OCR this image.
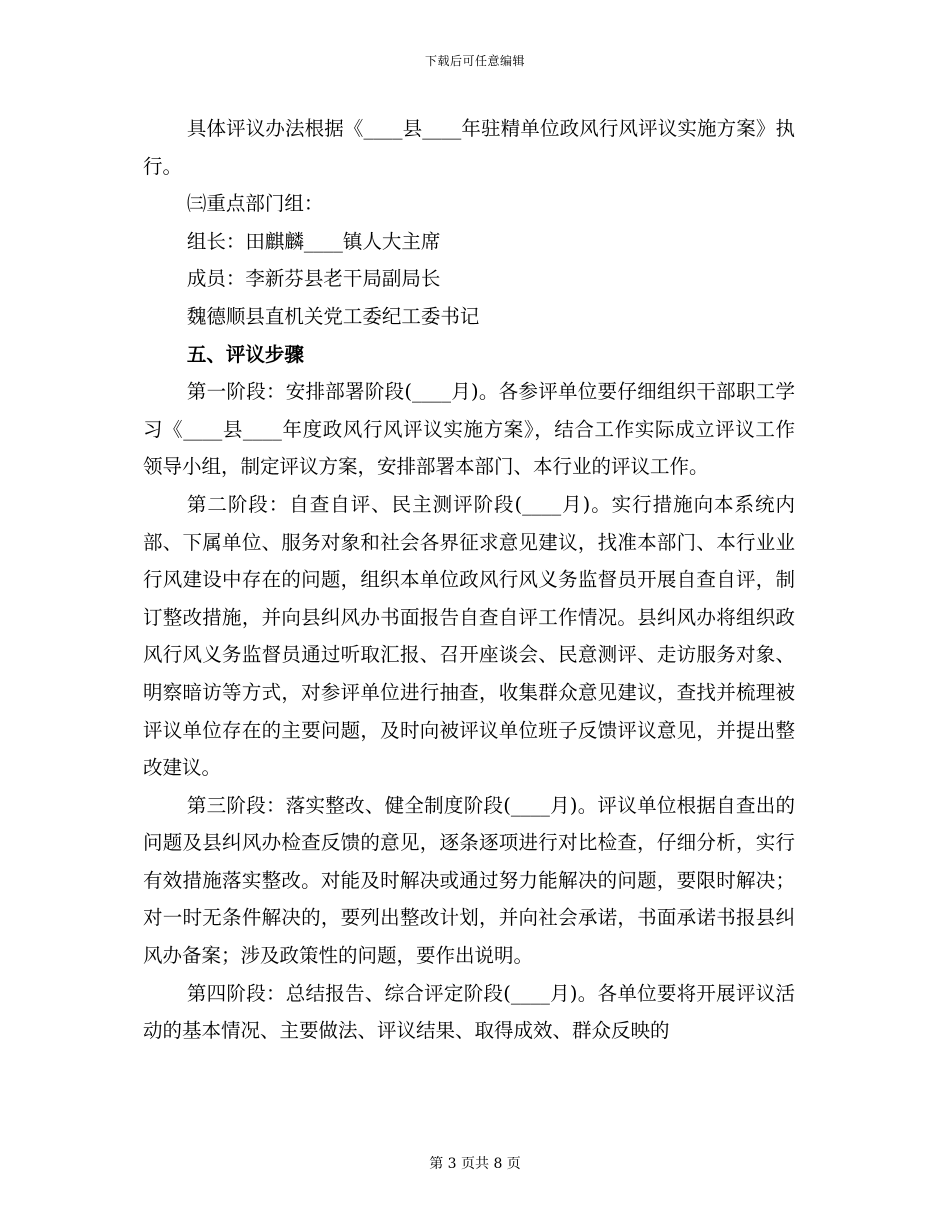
下载后可任意编辑

具体评议办法根据《____县____年驻精单位政风行风评议实施方案》执行。

㈢重点部门组：

组长：田麒麟____镇人大主席

成员：李新芬县老干局副局长

魏德顺县直机关党工委纪工委书记

五、评议步骤

第一阶段：安排部署阶段(____月)。各参评单位要仔细组织干部职工学习《____县____年度政风行风评议实施方案》，结合工作实际成立评议工作领导小组，制定评议方案，安排部署本部门、本行业的评议工作。

第二阶段：自查自评、民主测评阶段(____月)。实行措施向本系统内部、下属单位、服务对象和社会各界征求意见建议，找准本部门、本行业业行风建设中存在的问题，组织本单位政风行风义务监督员开展自查自评，制订整改措施，并向县纠风办书面报告自查自评工作情况。县纠风办将组织政风行风义务监督员通过听取汇报、召开座谈会、民意测评、走访服务对象、明察暗访等方式，对参评单位进行抽查，收集群众意见建议，查找并梳理被评议单位存在的主要问题，及时向被评议单位班子反馈评议意见，并提出整改建议。

第三阶段：落实整改、健全制度阶段(____月)。评议单位根据自查出的问题及县纠风办检查反馈的意见，逐条逐项进行对比检查，仔细分析，实行有效措施落实整改。对能及时解决或通过努力能解决的问题，要限时解决；对一时无条件解决的，要列出整改计划，并向社会承诺，书面承诺书报县纠风办备案；涉及政策性的问题，要作出说明。

第四阶段：总结报告、综合评定阶段(____月)。各单位要将开展评议活动的基本情况、主要做法、评议结果、取得成效、群众反映的

第 3 页共 8 页
